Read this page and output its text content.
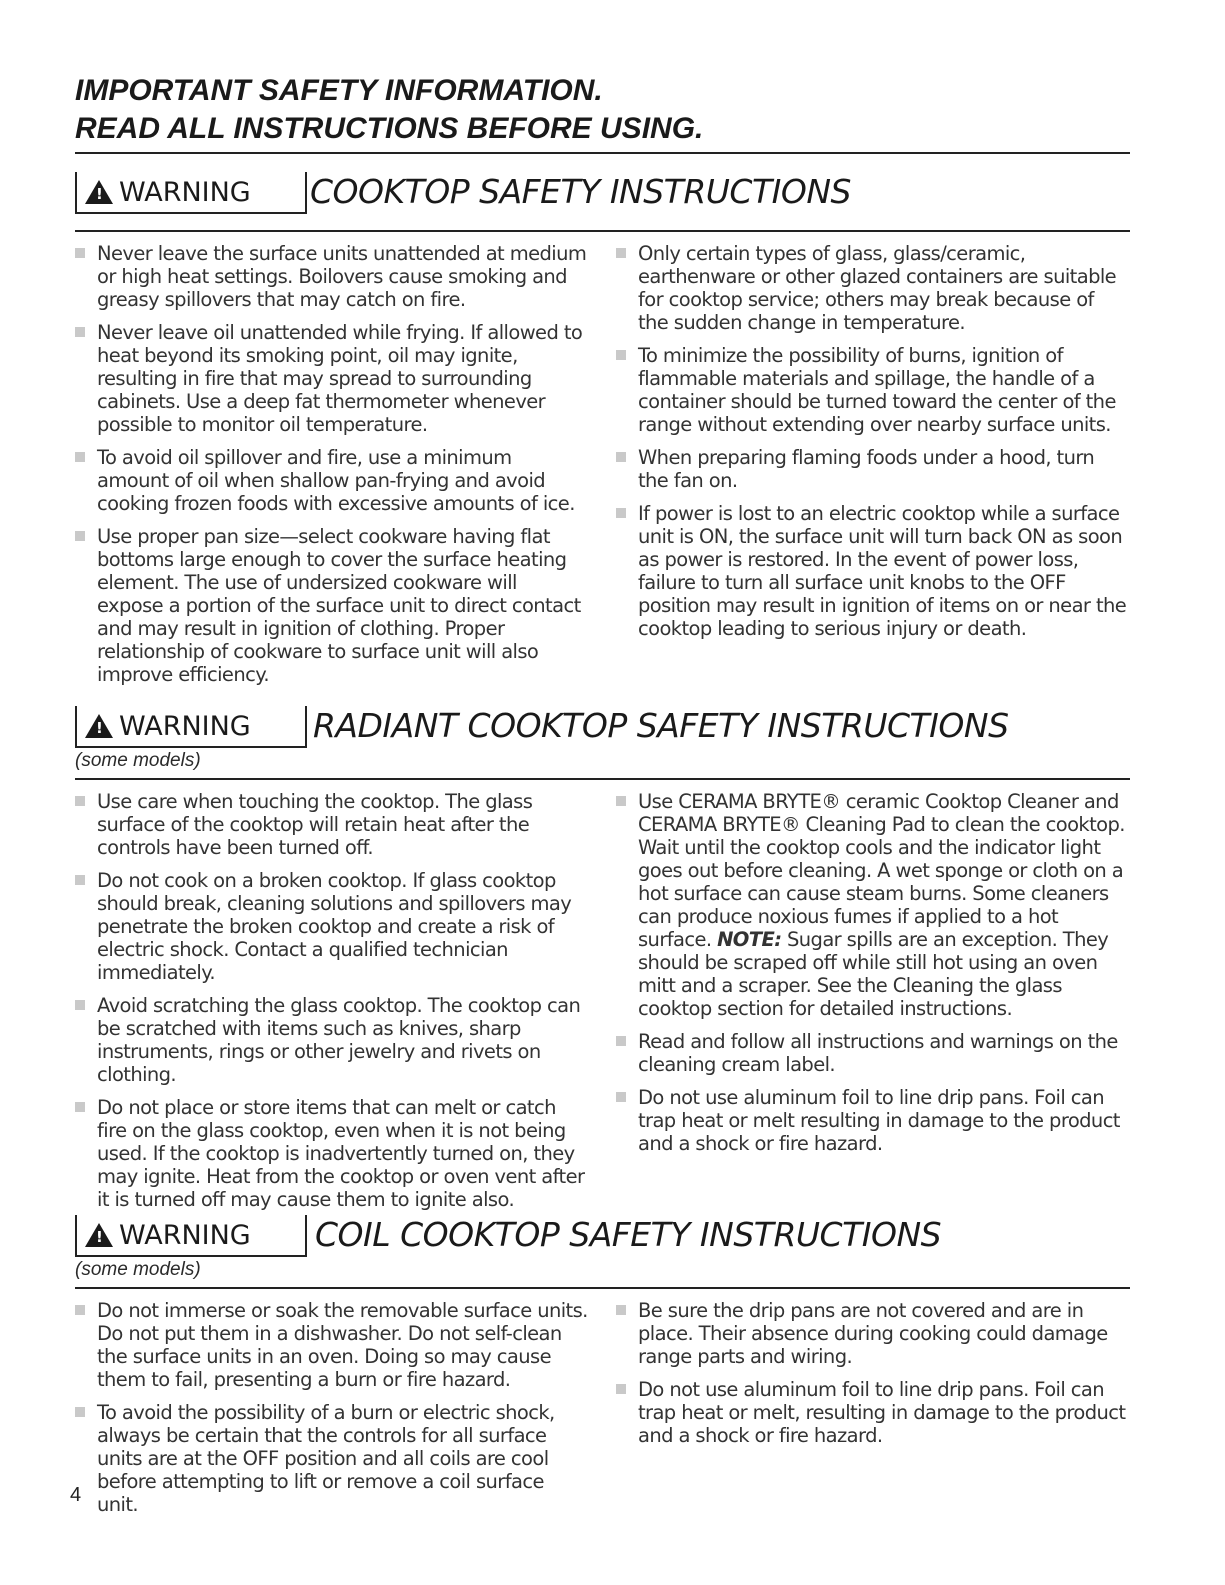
IMPORTANT SAFETY INFORMATION.
READ ALL INSTRUCTIONS BEFORE USING.
! WARNING COOKTOP SAFETY INSTRUCTIONS
Never leave the surface units unattended at medium or high heat settings. Boilovers cause smoking and greasy spillovers that may catch on fire.
Never leave oil unattended while frying. If allowed to heat beyond its smoking point, oil may ignite, resulting in fire that may spread to surrounding cabinets. Use a deep fat thermometer whenever possible to monitor oil temperature.
To avoid oil spillover and fire, use a minimum amount of oil when shallow pan-frying and avoid cooking frozen foods with excessive amounts of ice.
Use proper pan size—select cookware having flat bottoms large enough to cover the surface heating element. The use of undersized cookware will expose a portion of the surface unit to direct contact and may result in ignition of clothing. Proper relationship of cookware to surface unit will also improve efficiency.
Only certain types of glass, glass/ceramic, earthenware or other glazed containers are suitable for cooktop service; others may break because of the sudden change in temperature.
To minimize the possibility of burns, ignition of flammable materials and spillage, the handle of a container should be turned toward the center of the range without extending over nearby surface units.
When preparing flaming foods under a hood, turn the fan on.
If power is lost to an electric cooktop while a surface unit is ON, the surface unit will turn back ON as soon as power is restored. In the event of power loss, failure to turn all surface unit knobs to the OFF position may result in ignition of items on or near the cooktop leading to serious injury or death.
! WARNING RADIANT COOKTOP SAFETY INSTRUCTIONS
(some models)
Use care when touching the cooktop. The glass surface of the cooktop will retain heat after the controls have been turned off.
Do not cook on a broken cooktop. If glass cooktop should break, cleaning solutions and spillovers may penetrate the broken cooktop and create a risk of electric shock. Contact a qualified technician immediately.
Avoid scratching the glass cooktop. The cooktop can be scratched with items such as knives, sharp instruments, rings or other jewelry and rivets on clothing.
Do not place or store items that can melt or catch fire on the glass cooktop, even when it is not being used. If the cooktop is inadvertently turned on, they may ignite. Heat from the cooktop or oven vent after it is turned off may cause them to ignite also.
Use CERAMA BRYTE® ceramic Cooktop Cleaner and CERAMA BRYTE® Cleaning Pad to clean the cooktop. Wait until the cooktop cools and the indicator light goes out before cleaning. A wet sponge or cloth on a hot surface can cause steam burns. Some cleaners can produce noxious fumes if applied to a hot surface. NOTE: Sugar spills are an exception. They should be scraped off while still hot using an oven mitt and a scraper. See the Cleaning the glass cooktop section for detailed instructions.
Read and follow all instructions and warnings on the cleaning cream label.
Do not use aluminum foil to line drip pans. Foil can trap heat or melt resulting in damage to the product and a shock or fire hazard.
! WARNING COIL COOKTOP SAFETY INSTRUCTIONS
(some models)
Do not immerse or soak the removable surface units. Do not put them in a dishwasher. Do not self-clean the surface units in an oven. Doing so may cause them to fail, presenting a burn or fire hazard.
To avoid the possibility of a burn or electric shock, always be certain that the controls for all surface units are at the OFF position and all coils are cool before attempting to lift or remove a coil surface unit.
Be sure the drip pans are not covered and are in place. Their absence during cooking could damage range parts and wiring.
Do not use aluminum foil to line drip pans. Foil can trap heat or melt, resulting in damage to the product and a shock or fire hazard.
4
